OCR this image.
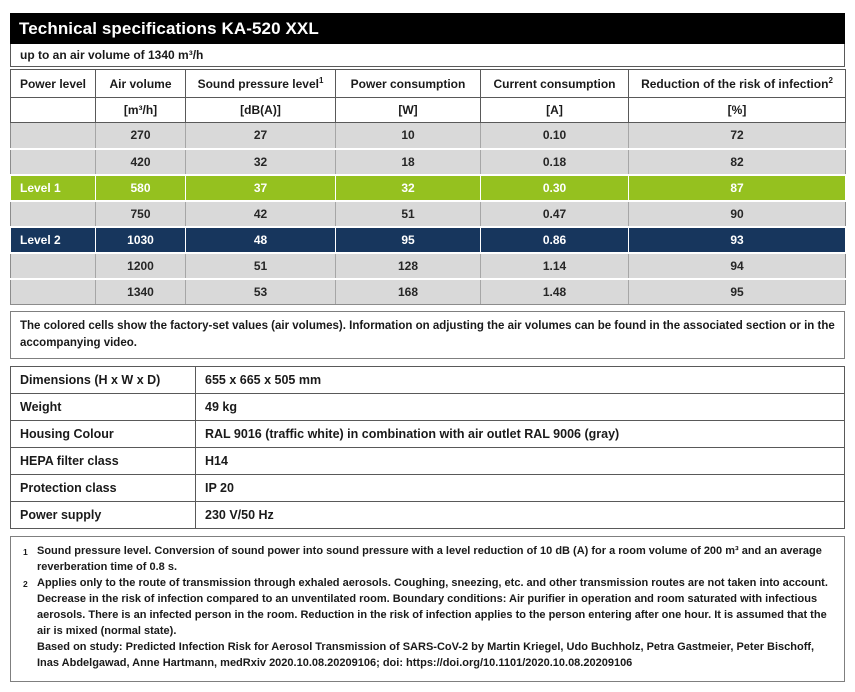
Technical specifications KA-520 XXL
up to an air volume of 1340 m³/h
Power level	Air volume	Sound pressure level$^1$	Power consumption	Current consumption	Reduction of the risk of infection$^2$
	[m³/h]	[dB(A)]	[W]	[A]	[%]
	270	27	10	0.10	72
	420	32	18	0.18	82
Level 1	580	37	32	0.30	87
	750	42	51	0.47	90
Level 2	1030	48	95	0.86	93
	1200	51	128	1.14	94
	1340	53	168	1.48	95
The colored cells show the factory-set values (air volumes). Information on adjusting the air volumes can be found in the associated section or in the accompanying video.
Dimensions (H x W x D)	655 x 665 x 505 mm
Weight	49 kg
Housing Colour	RAL 9016 (traffic white) in combination with air outlet RAL 9006 (gray)
HEPA filter class	H14
Protection class	IP 20
Power supply	230 V/50 Hz
1 Sound pressure level. Conversion of sound power into sound pressure with a level reduction of 10 dB (A) for a room volume of 200 m³ and an average reverberation time of 0.8 s.

2 Applies only to the route of transmission through exhaled aerosols. Coughing, sneezing, etc. and other transmission routes are not taken into account. Decrease in the risk of infection compared to an unventilated room. Boundary conditions: Air purifier in operation and room saturated with infectious aerosols. There is an infected person in the room. Reduction in the risk of infection applies to the person entering after one hour. It is assumed that the air is mixed (normal state).

Based on study: Predicted Infection Risk for Aerosol Transmission of SARS-CoV-2 by Martin Kriegel, Udo Buchholz, Petra Gastmeier, Peter Bischoff, Inas Abdelgawad, Anne Hartmann, medRxiv 2020.10.08.20209106; doi: https://doi.org/10.1101/2020.10.08.20209106
